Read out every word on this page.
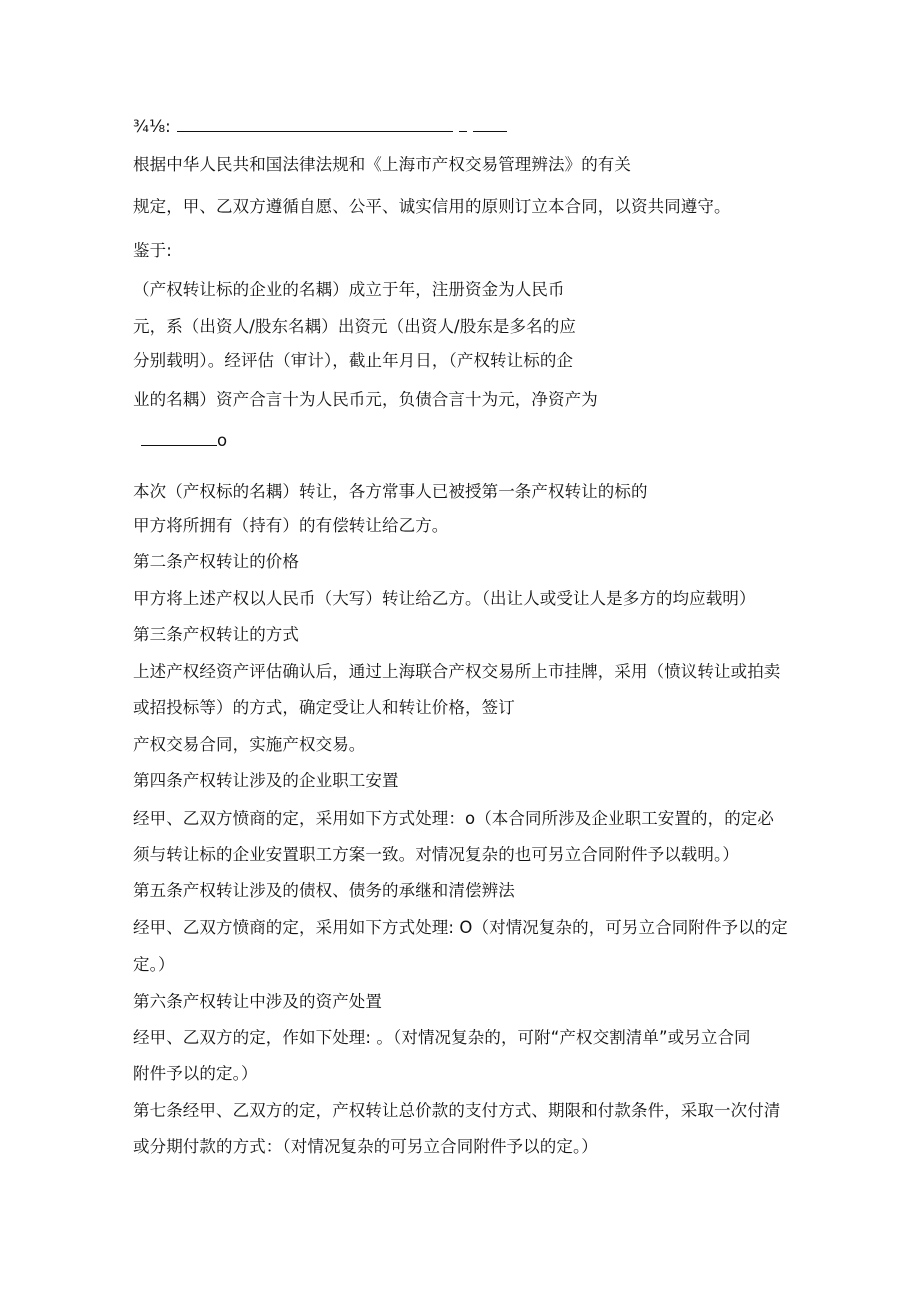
¾⅛:
根据中华人民共和国法律法规和《上海市产权交易管理辨法》的有关
规定，甲、乙双方遵循自愿、公平、诚实信用的原则订立本合同，以资共同遵守。
鉴于:
（产权转让标的企业的名耦）成立于年，注册资金为人民币
元，系（出资人/股东名耦）出资元（出资人/股东是多名的应
分别载明）。经评估（审计），截止年月日，（产权转让标的企
业的名耦）资产合言十为人民币元，负债合言十为元，净资产为
o
本次（产权标的名耦）转让，各方常事人已被授第一条产权转让的标的
甲方将所拥有（持有）的有偿转让给乙方。
第二条产权转让的价格
甲方将上述产权以人民币（大写）转让给乙方。（出让人或受让人是多方的均应载明）
第三条产权转让的方式
上述产权经资产评估确认后，通过上海联合产权交易所上市挂牌，采用（愤议转让或拍卖
或招投标等）的方式，确定受让人和转让价格，签订
产权交易合同，实施产权交易。
第四条产权转让涉及的企业职工安置
经甲、乙双方愤商的定，采用如下方式处理：o（本合同所涉及企业职工安置的，的定必
须与转让标的企业安置职工方案一致。对情况复杂的也可另立合同附件予以载明。）
第五条产权转让涉及的债权、债务的承继和清偿辨法
经甲、乙双方愤商的定，采用如下方式处理: O（对情况复杂的，可另立合同附件予以的定
定。）
第六条产权转让中涉及的资产处置
经甲、乙双方的定，作如下处理: 。（对情况复杂的，可附“产权交割清单”或另立合同
附件予以的定。）
第七条经甲、乙双方的定，产权转让总价款的支付方式、期限和付款条件，采取一次付清
或分期付款的方式：（对情况复杂的可另立合同附件予以的定。）
